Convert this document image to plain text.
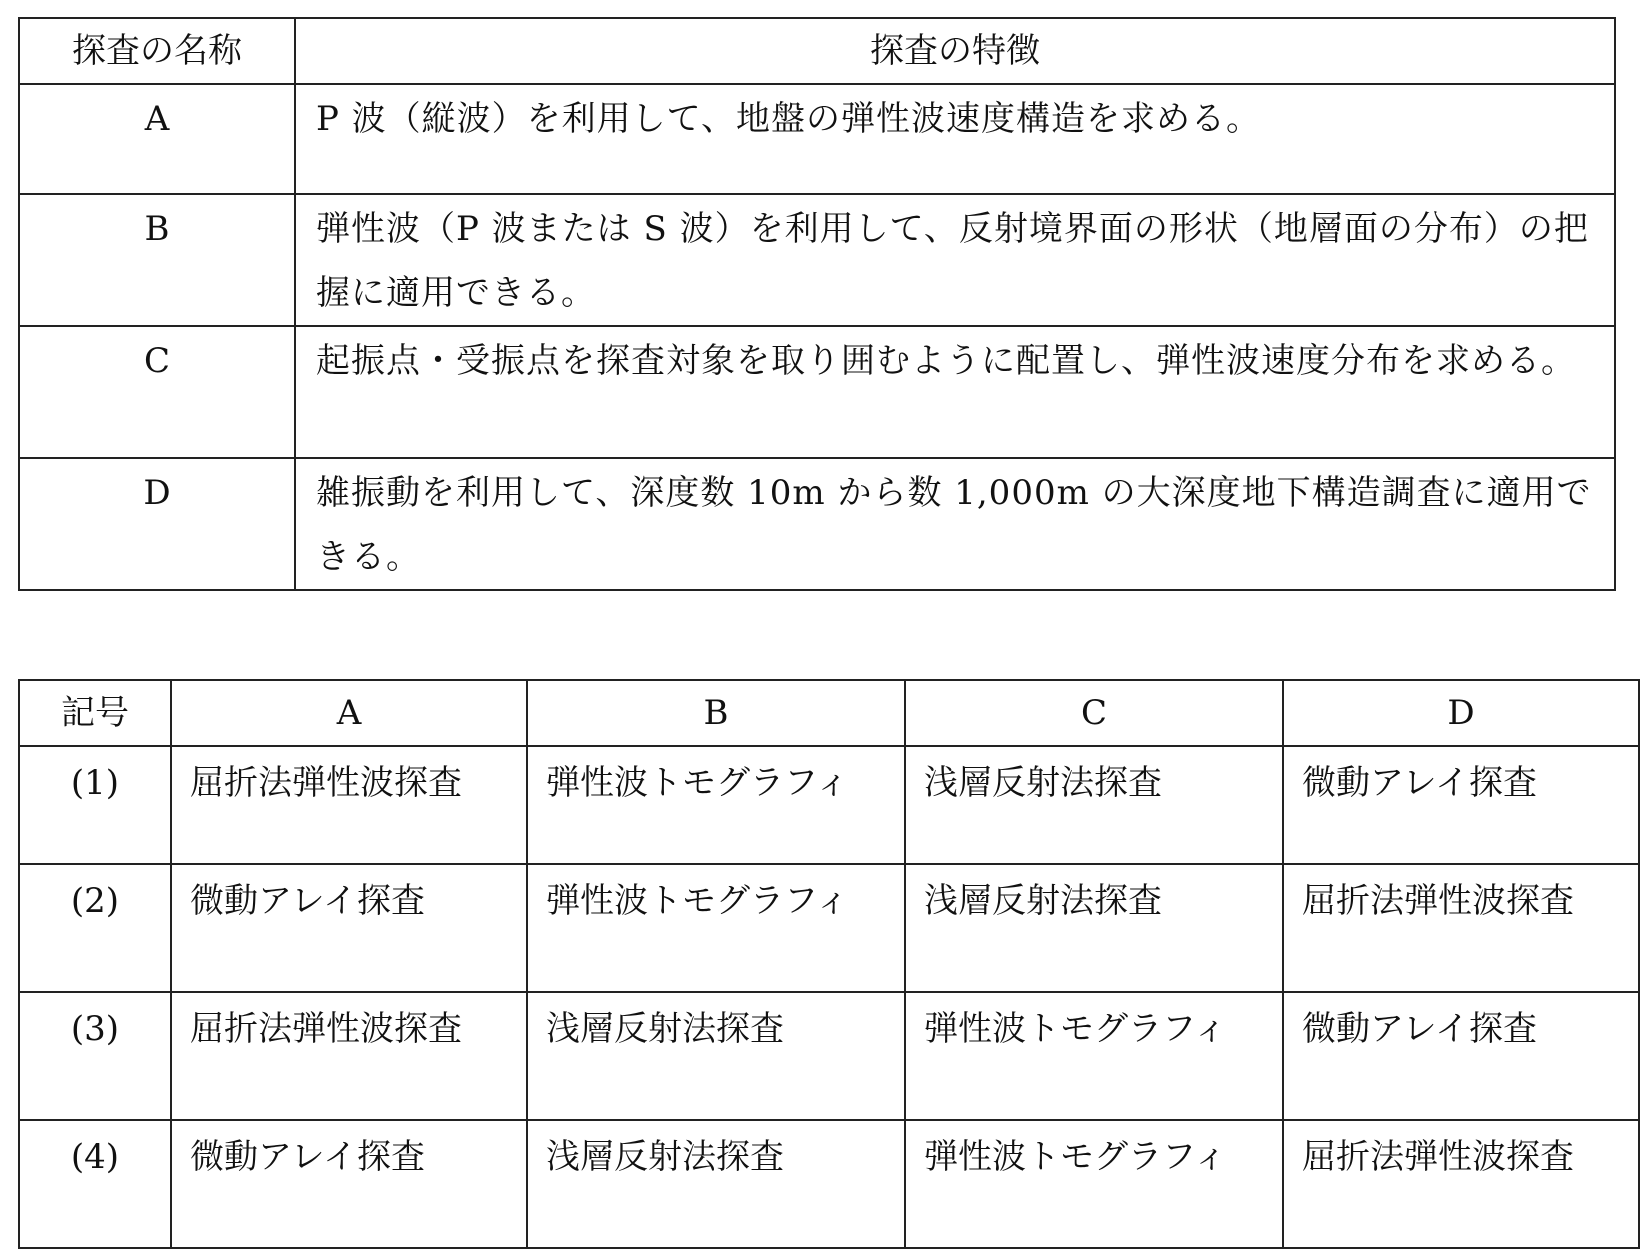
探査の名称	探査の特徴
A	P 波（縦波）を利用して、地盤の弾性波速度構造を求める。
B	弾性波（P 波または S 波）を利用して、反射境界面の形状（地層面の分布）の把握に適用できる。
C	起振点・受振点を探査対象を取り囲むように配置し、弾性波速度分布を求める。
D	雑振動を利用して、深度数 10m から数 1,000m の大深度地下構造調査に適用できる。
記号	A	B	C	D
(1)	屈折法弾性波探査	弾性波トモグラフィ	浅層反射法探査	微動アレイ探査
(2)	微動アレイ探査	弾性波トモグラフィ	浅層反射法探査	屈折法弾性波探査
(3)	屈折法弾性波探査	浅層反射法探査	弾性波トモグラフィ	微動アレイ探査
(4)	微動アレイ探査	浅層反射法探査	弾性波トモグラフィ	屈折法弾性波探査
